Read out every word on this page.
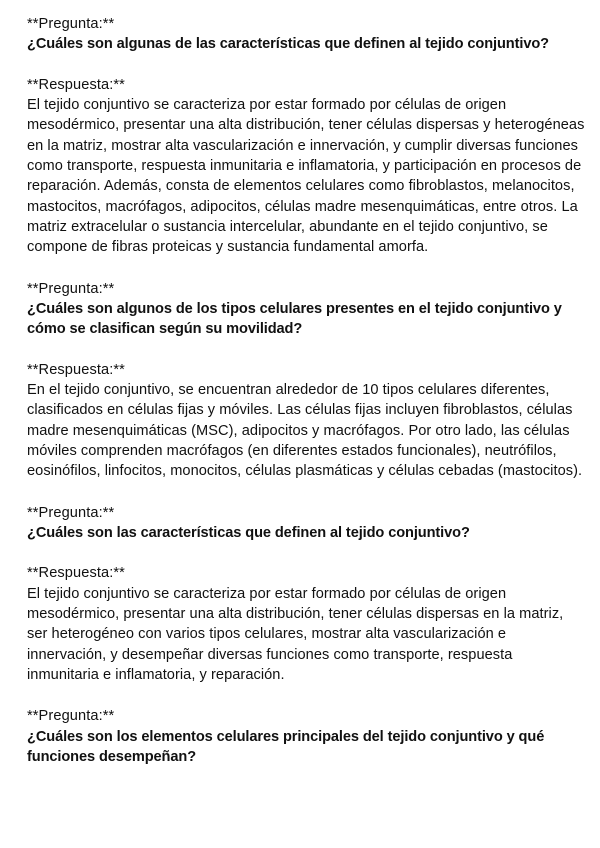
**Pregunta:**

¿Cuáles son algunas de las características que definen al tejido conjuntivo?

**Respuesta:**

El tejido conjuntivo se caracteriza por estar formado por células de origen mesodérmico, presentar una alta distribución, tener células dispersas y heterogéneas en la matriz, mostrar alta vascularización e innervación, y cumplir diversas funciones como transporte, respuesta inmunitaria e inflamatoria, y participación en procesos de reparación. Además, consta de elementos celulares como fibroblastos, melanocitos, mastocitos, macrófagos, adipocitos, células madre mesenquimáticas, entre otros. La matriz extracelular o sustancia intercelular, abundante en el tejido conjuntivo, se compone de fibras proteicas y sustancia fundamental amorfa.

**Pregunta:**

¿Cuáles son algunos de los tipos celulares presentes en el tejido conjuntivo y cómo se clasifican según su movilidad?

**Respuesta:**

En el tejido conjuntivo, se encuentran alrededor de 10 tipos celulares diferentes, clasificados en células fijas y móviles. Las células fijas incluyen fibroblastos, células madre mesenquimáticas (MSC), adipocitos y macrófagos. Por otro lado, las células móviles comprenden macrófagos (en diferentes estados funcionales), neutrófilos, eosinófilos, linfocitos, monocitos, células plasmáticas y células cebadas (mastocitos).

**Pregunta:**

¿Cuáles son las características que definen al tejido conjuntivo?

**Respuesta:**

El tejido conjuntivo se caracteriza por estar formado por células de origen mesodérmico, presentar una alta distribución, tener células dispersas en la matriz, ser heterogéneo con varios tipos celulares, mostrar alta vascularización e innervación, y desempeñar diversas funciones como transporte, respuesta inmunitaria e inflamatoria, y reparación.

**Pregunta:**

¿Cuáles son los elementos celulares principales del tejido conjuntivo y qué funciones desempeñan?
